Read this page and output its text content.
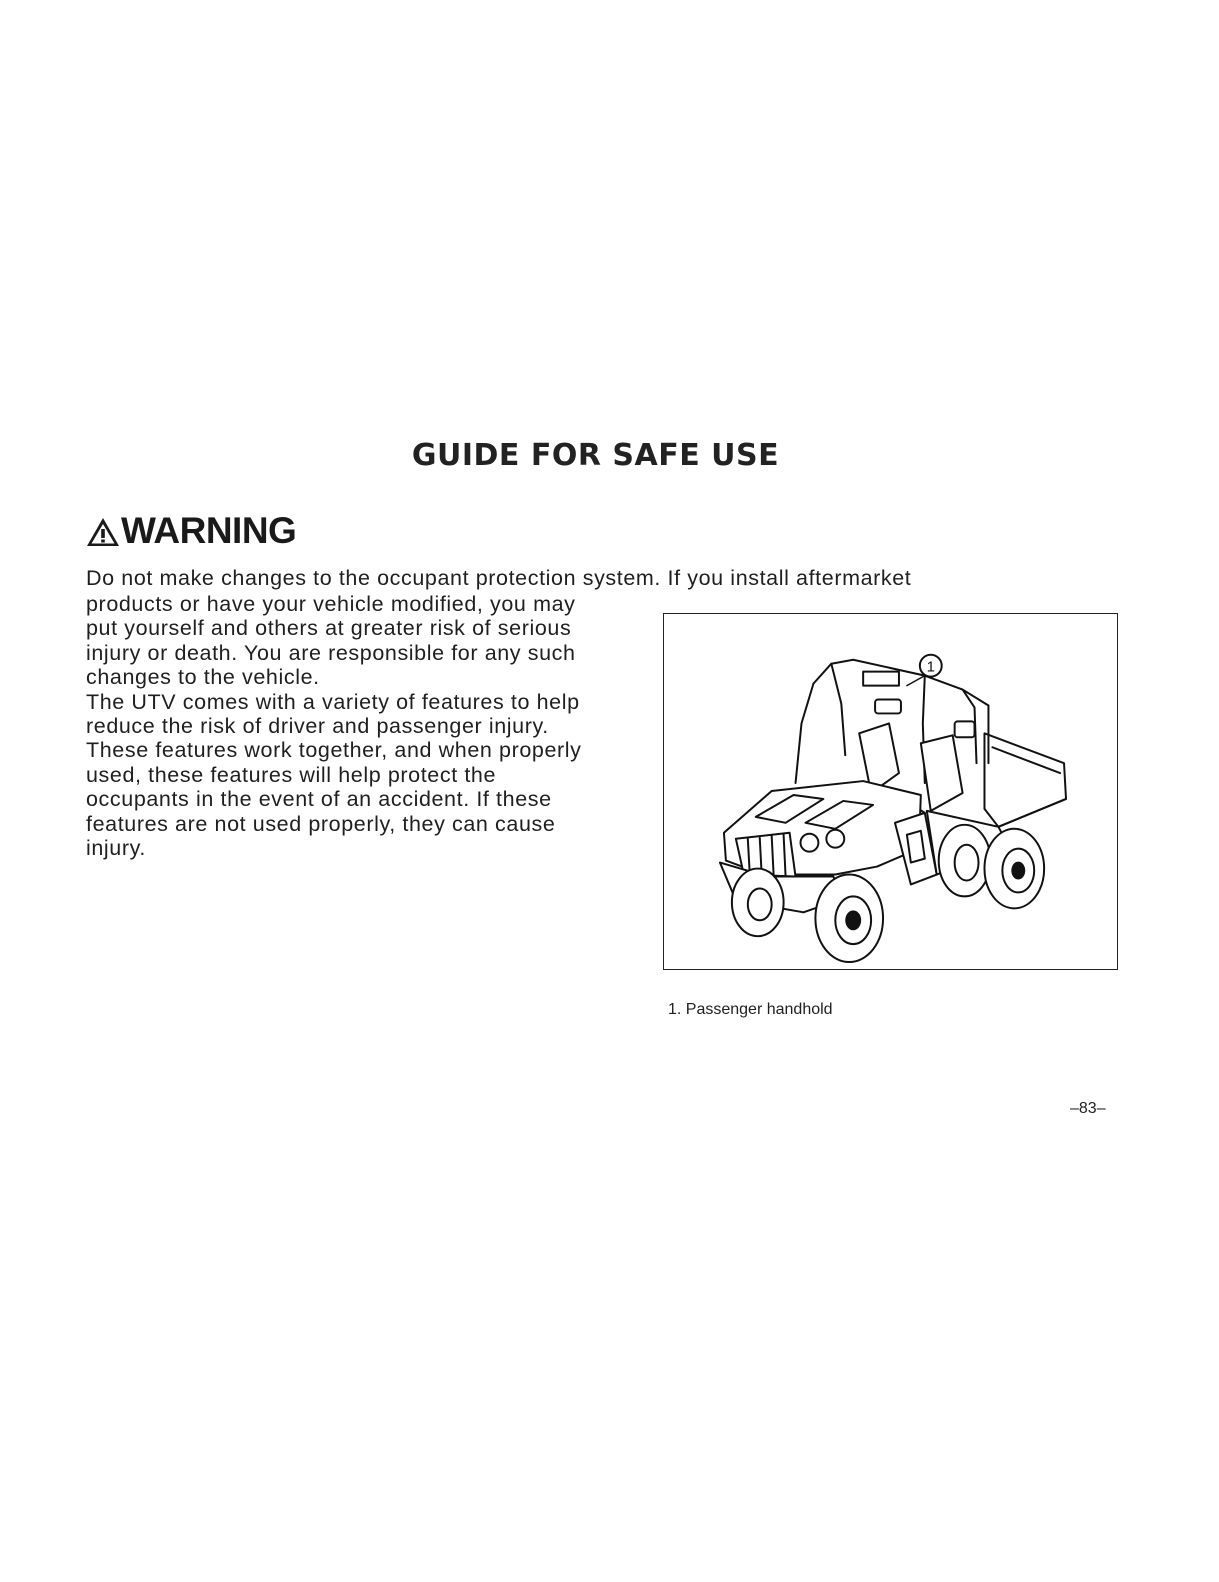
GUIDE FOR SAFE USE
WARNING
Do not make changes to the occupant protection system. If you install aftermarket
products or have your vehicle modified, you may
put yourself and others at greater risk of serious
injury or death. You are responsible for any such
changes to the vehicle.
The UTV comes with a variety of features to help
reduce the risk of driver and passenger injury.
These features work together, and when properly
used, these features will help protect the
occupants in the event of an accident. If these
features are not used properly, they can cause
injury.
1
1. Passenger handhold
–83–
